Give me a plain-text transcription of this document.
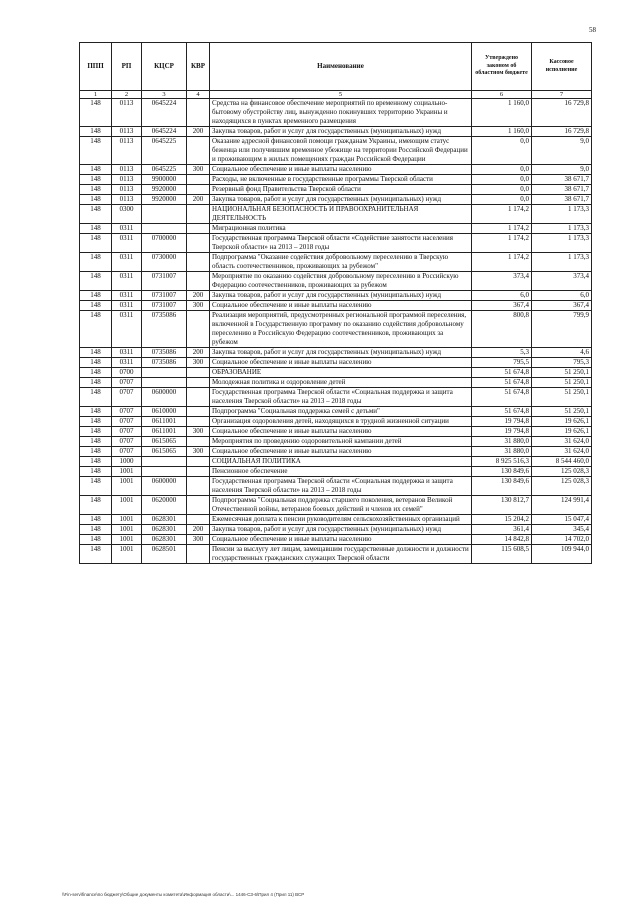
58
ППП	РП	КЦСР	КВР	Наименование	Утверждено законом об областном бюджете	Кассовое исполнение
1	2	3	4	5	6	7
148	0113	0645224		Средства на финансовое обеспечение мероприятий по временному социально-бытовому обустройству лиц, вынужденно покинувших территорию Украины и находящихся в пунктах временного размещения	1 160,0	16 729,8
148	0113	0645224	200	Закупка товаров, работ и услуг для государственных (муниципальных) нужд	1 160,0	16 729,8
148	0113	0645225		Оказание адресной финансовой помощи гражданам Украины, имеющим статус беженца или получившим временное убежище на территории Российской Федерации и проживающим в жилых помещениях граждан Российской Федерации	0,0	9,0
148	0113	0645225	300	Социальное обеспечение и иные выплаты населению	0,0	9,0
148	0113	9900000		Расходы, не включенные в государственные программы Тверской области	0,0	38 671,7
148	0113	9920000		Резервный фонд Правительства Тверской области	0,0	38 671,7
148	0113	9920000	200	Закупка товаров, работ и услуг для государственных (муниципальных) нужд	0,0	38 671,7
148	0300			НАЦИОНАЛЬНАЯ БЕЗОПАСНОСТЬ И ПРАВООХРАНИТЕЛЬНАЯ ДЕЯТЕЛЬНОСТЬ	1 174,2	1 173,3
148	0311			Миграционная политика	1 174,2	1 173,3
148	0311	0700000		Государственная программа Тверской области «Содействие занятости населения Тверской области» на 2013 – 2018 годы	1 174,2	1 173,3
148	0311	0730000		Подпрограмма "Оказание содействия добровольному переселению в Тверскую область соотечественников, проживающих за рубежом"	1 174,2	1 173,3
148	0311	0731007		Мероприятие по оказанию содействия добровольному переселению в Российскую Федерацию соотечественников, проживающих за рубежом	373,4	373,4
148	0311	0731007	200	Закупка товаров, работ и услуг для государственных (муниципальных) нужд	6,0	6,0
148	0311	0731007	300	Социальное обеспечение и иные выплаты населению	367,4	367,4
148	0311	0735086		Реализация мероприятий, предусмотренных региональной программой переселения, включенной в Государственную программу по оказанию содействия добровольному переселению в Российскую Федерацию соотечественников, проживающих за рубежом	800,8	799,9
148	0311	0735086	200	Закупка товаров, работ и услуг для государственных (муниципальных) нужд	5,3	4,6
148	0311	0735086	300	Социальное обеспечение и иные выплаты населению	795,5	795,3
148	0700			ОБРАЗОВАНИЕ	51 674,8	51 250,1
148	0707			Молодежная политика и оздоровление детей	51 674,8	51 250,1
148	0707	0600000		Государственная программа Тверской области «Социальная поддержка и защита населения Тверской области» на 2013 – 2018 годы	51 674,8	51 250,1
148	0707	0610000		Подпрограмма "Социальная поддержка семей с детьми"	51 674,8	51 250,1
148	0707	0611001		Организация оздоровления детей, находящихся в трудной жизненной ситуации	19 794,8	19 626,1
148	0707	0611001	300	Социальное обеспечение и иные выплаты населению	19 794,8	19 626,1
148	0707	0615065		Мероприятия по проведению оздоровительной кампании детей	31 880,0	31 624,0
148	0707	0615065	300	Социальное обеспечение и иные выплаты населению	31 880,0	31 624,0
148	1000			СОЦИАЛЬНАЯ ПОЛИТИКА	8 925 516,3	8 544 460,0
148	1001			Пенсионное обеспечение	130 849,6	125 028,3
148	1001	0600000		Государственная программа Тверской области «Социальная поддержка и защита населения Тверской области» на 2013 – 2018 годы	130 849,6	125 028,3
148	1001	0620000		Подпрограмма "Социальная поддержка старшего поколения, ветеранов Великой Отечественной войны, ветеранов боевых действий и членов их семей"	130 812,7	124 991,4
148	1001	0628301		Ежемесячная доплата к пенсии руководителям сельскохозяйственных организаций	15 204,2	15 047,4
148	1001	0628301	200	Закупка товаров, работ и услуг для государственных (муниципальных) нужд	361,4	345,4
148	1001	0628301	300	Социальное обеспечение и иные выплаты населению	14 842,8	14 702,0
148	1001	0628501		Пенсии за выслугу лет лицам, замещавшим государственные должности и должности государственных гражданских служащих Тверской области	115 608,5	109 944,0
\\Fin-serv\finance\по бюджету\Общие документы комитета\Информация области\... 1446-СЗ-6\Прил 4 (Прил 11) ВСР
